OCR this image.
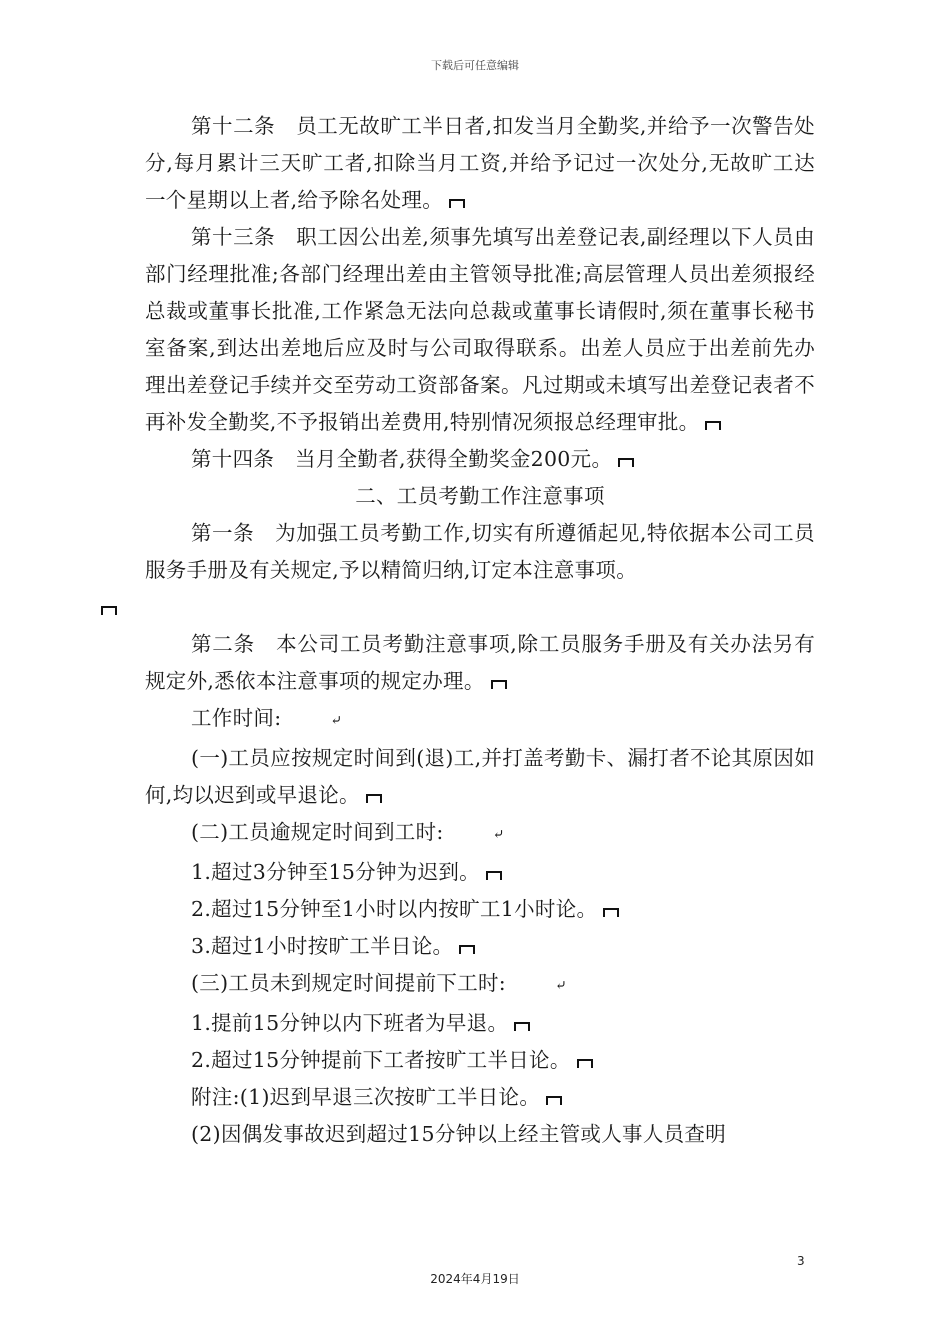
下载后可任意编辑

第十二条　员工无故旷工半日者,扣发当月全勤奖,并给予一次警告处分,每月累计三天旷工者,扣除当月工资,并给予记过一次处分,无故旷工达一个星期以上者,给予除名处理。

第十三条　职工因公出差,须事先填写出差登记表,副经理以下人员由部门经理批准;各部门经理出差由主管领导批准;高层管理人员出差须报经总裁或董事长批准,工作紧急无法向总裁或董事长请假时,须在董事长秘书室备案,到达出差地后应及时与公司取得联系。出差人员应于出差前先办理出差登记手续并交至劳动工资部备案。凡过期或未填写出差登记表者不再补发全勤奖,不予报销出差费用,特别情况须报总经理审批。

第十四条　当月全勤者,获得全勤奖金200元。

二、工员考勤工作注意事项

第一条　为加强工员考勤工作,切实有所遵循起见,特依据本公司工员服务手册及有关规定,予以精简归纳,订定本注意事项。

第二条　本公司工员考勤注意事项,除工员服务手册及有关办法另有规定外,悉依本注意事项的规定办理。

工作时间:	⤶

(一)工员应按规定时间到(退)工,并打盖考勤卡、漏打者不论其原因如何,均以迟到或早退论。

(二)工员逾规定时间到工时:	⤶

1.超过3分钟至15分钟为迟到。

2.超过15分钟至1小时以内按旷工1小时论。

3.超过1小时按旷工半日论。

(三)工员未到规定时间提前下工时:	⤶

1.提前15分钟以内下班者为早退。

2.超过15分钟提前下工者按旷工半日论。

附注:(1)迟到早退三次按旷工半日论。

(2)因偶发事故迟到超过15分钟以上经主管或人事人员查明

3
2024年4月19日
